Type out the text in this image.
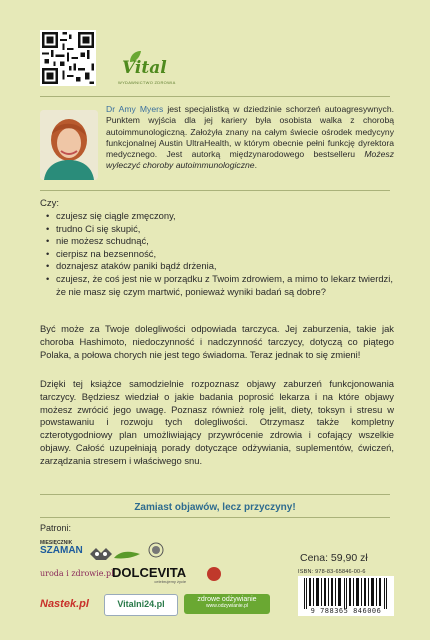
Vital
WYDAWNICTWO ZDROWIA

Dr Amy Myers jest specjalistką w dziedzinie schorzeń autoagresywnych. Punktem wyjścia dla jej kariery była osobista walka z chorobą autoimmunologiczną. Założyła znany na całym świecie ośrodek medycyny funkcjonalnej Austin UltraHealth, w którym obecnie pełni funkcję dyrektora medycznego. Jest autorką międzynarodowego bestselleru Możesz wyleczyć choroby autoimmunologiczne.

Czy:
• czujesz się ciągle zmęczony,
• trudno Ci się skupić,
• nie możesz schudnąć,
• cierpisz na bezsenność,
• doznajesz ataków paniki bądź drżenia,
• czujesz, że coś jest nie w porządku z Twoim zdrowiem, a mimo to lekarz twierdzi, że nie masz się czym martwić, ponieważ wyniki badań są dobre?

Być może za Twoje dolegliwości odpowiada tarczyca. Jej zaburzenia, takie jak choroba Hashimoto, niedoczynność i nadczynność tarczycy, dotyczą co piątego Polaka, a połowa chorych nie jest tego świadoma. Teraz jednak to się zmieni!

Dzięki tej książce samodzielnie rozpoznasz objawy zaburzeń funkcjonowania tarczycy. Będziesz wiedział o jakie badania poprosić lekarza i na które objawy możesz zwrócić jego uwagę. Poznasz również rolę jelit, diety, toksyn i stresu w powstawaniu i rozwoju tych dolegliwości. Otrzymasz także kompletny czterotygodniowy plan umożliwiający przywrócenie zdrowia i cofający wszelkie objawy. Całość uzupełniają porady dotyczące odżywiania, suplementów, ćwiczeń, zarządzania stresem i właściwego snu.

Zamiast objawów, lecz przyczyny!
Patroni:
MIESIĘCZNIK
SZAMAN
uroda i zdrowie.pl
DOLCEVITA
celebrujemy życie
Nastek.pl	Vitalni24.pl	zdrowe odżywianie
www.odzywianie.pl
Cena: 59,90 zł
ISBN: 978-83-65846-00-6
9 788365 846006
